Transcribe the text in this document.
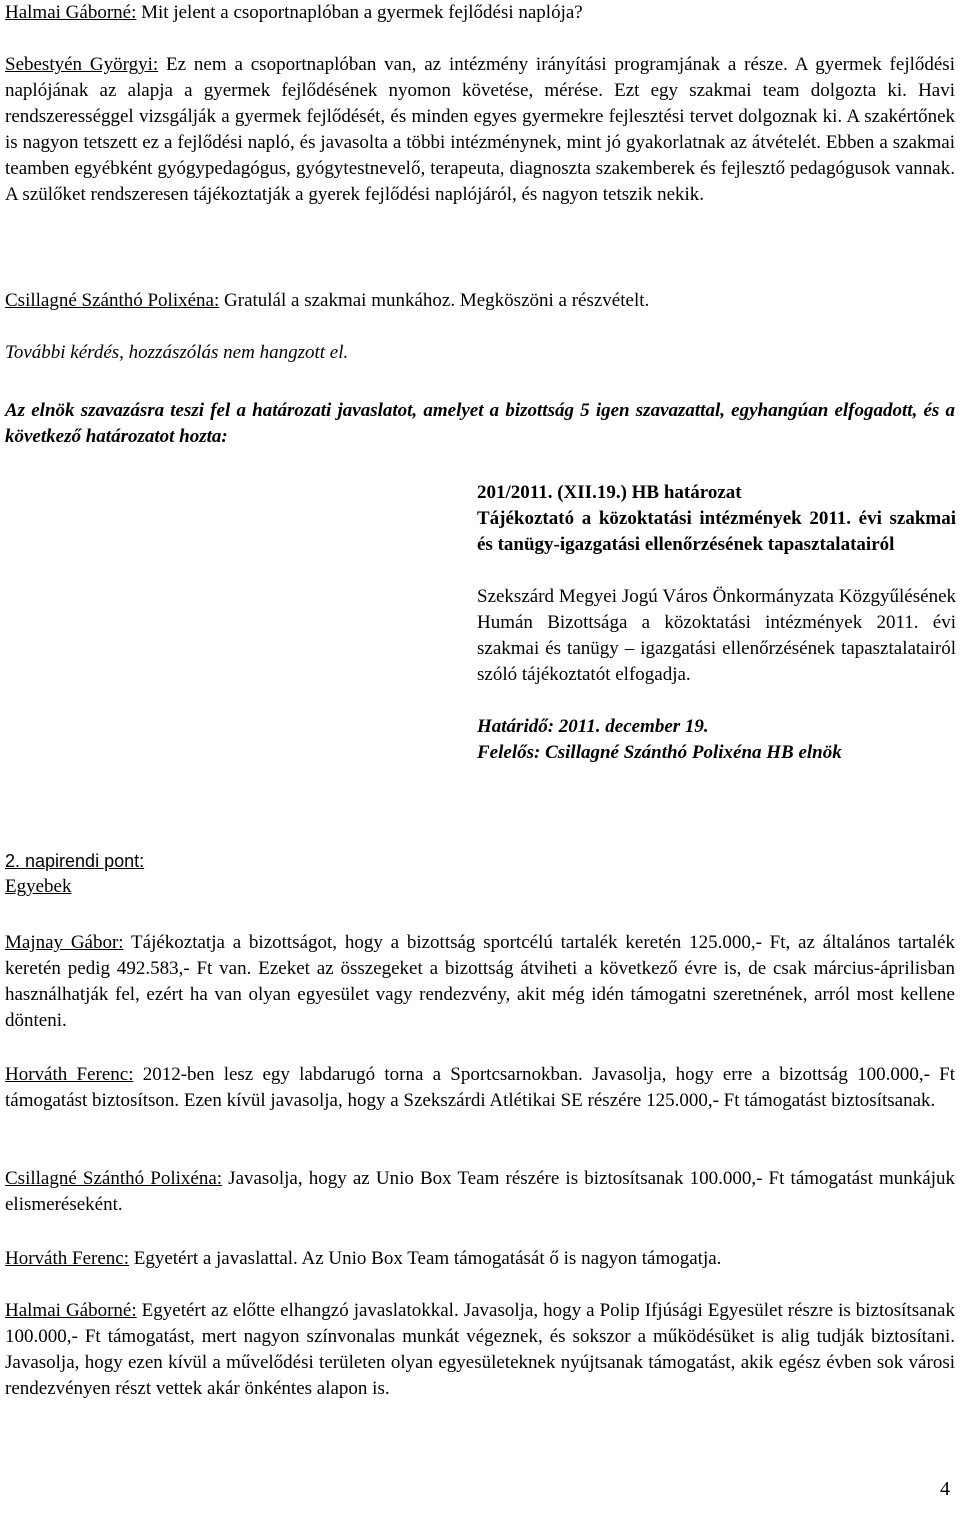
Halmai Gáborné: Mit jelent a csoportnaplóban a gyermek fejlődési naplója?

Sebestyén Györgyi: Ez nem a csoportnaplóban van, az intézmény irányítási programjának a része. A gyermek fejlődési naplójának az alapja a gyermek fejlődésének nyomon követése, mérése. Ezt egy szakmai team dolgozta ki. Havi rendszerességgel vizsgálják a gyermek fejlődését, és minden egyes gyermekre fejlesztési tervet dolgoznak ki. A szakértőnek is nagyon tetszett ez a fejlődési napló, és javasolta a többi intézménynek, mint jó gyakorlatnak az átvételét. Ebben a szakmai teamben egyébként gyógypedagógus, gyógytestnevelő, terapeuta, diagnoszta szakemberek és fejlesztő pedagógusok vannak. A szülőket rendszeresen tájékoztatják a gyerek fejlődési naplójáról, és nagyon tetszik nekik.

Csillagné Szánthó Polixéna: Gratulál a szakmai munkához. Megköszöni a részvételt.

További kérdés, hozzászólás nem hangzott el.

Az elnök szavazásra teszi fel a határozati javaslatot, amelyet a bizottság 5 igen szavazattal, egyhangúan elfogadott, és a következő határozatot hozta:

201/2011. (XII.19.) HB határozat
Tájékoztató a közoktatási intézmények 2011. évi szakmai és tanügy-igazgatási ellenőrzésének tapasztalatairól
Szekszárd Megyei Jogú Város Önkormányzata Közgyűlésének Humán Bizottsága a közoktatási intézmények 2011. évi szakmai és tanügy – igazgatási ellenőrzésének tapasztalatairól szóló tájékoztatót elfogadja.
Határidő: 2011. december 19.
Felelős: Csillagné Szánthó Polixéna HB elnök
2. napirendi pont:
Egyebek

Majnay Gábor: Tájékoztatja a bizottságot, hogy a bizottság sportcélú tartalék keretén 125.000,- Ft, az általános tartalék keretén pedig 492.583,- Ft van. Ezeket az összegeket a bizottság átviheti a következő évre is, de csak március-áprilisban használhatják fel, ezért ha van olyan egyesület vagy rendezvény, akit még idén támogatni szeretnének, arról most kellene dönteni.

Horváth Ferenc: 2012-ben lesz egy labdarugó torna a Sportcsarnokban. Javasolja, hogy erre a bizottság 100.000,- Ft támogatást biztosítson. Ezen kívül javasolja, hogy a Szekszárdi Atlétikai SE részére 125.000,- Ft támogatást biztosítsanak.

Csillagné Szánthó Polixéna: Javasolja, hogy az Unio Box Team részére is biztosítsanak 100.000,- Ft támogatást munkájuk elismeréseként.

Horváth Ferenc: Egyetért a javaslattal. Az Unio Box Team támogatását ő is nagyon támogatja.

Halmai Gáborné: Egyetért az előtte elhangzó javaslatokkal. Javasolja, hogy a Polip Ifjúsági Egyesület részre is biztosítsanak 100.000,- Ft támogatást, mert nagyon színvonalas munkát végeznek, és sokszor a működésüket is alig tudják biztosítani. Javasolja, hogy ezen kívül a művelődési területen olyan egyesületeknek nyújtsanak támogatást, akik egész évben sok városi rendezvényen részt vettek akár önkéntes alapon is.

4
